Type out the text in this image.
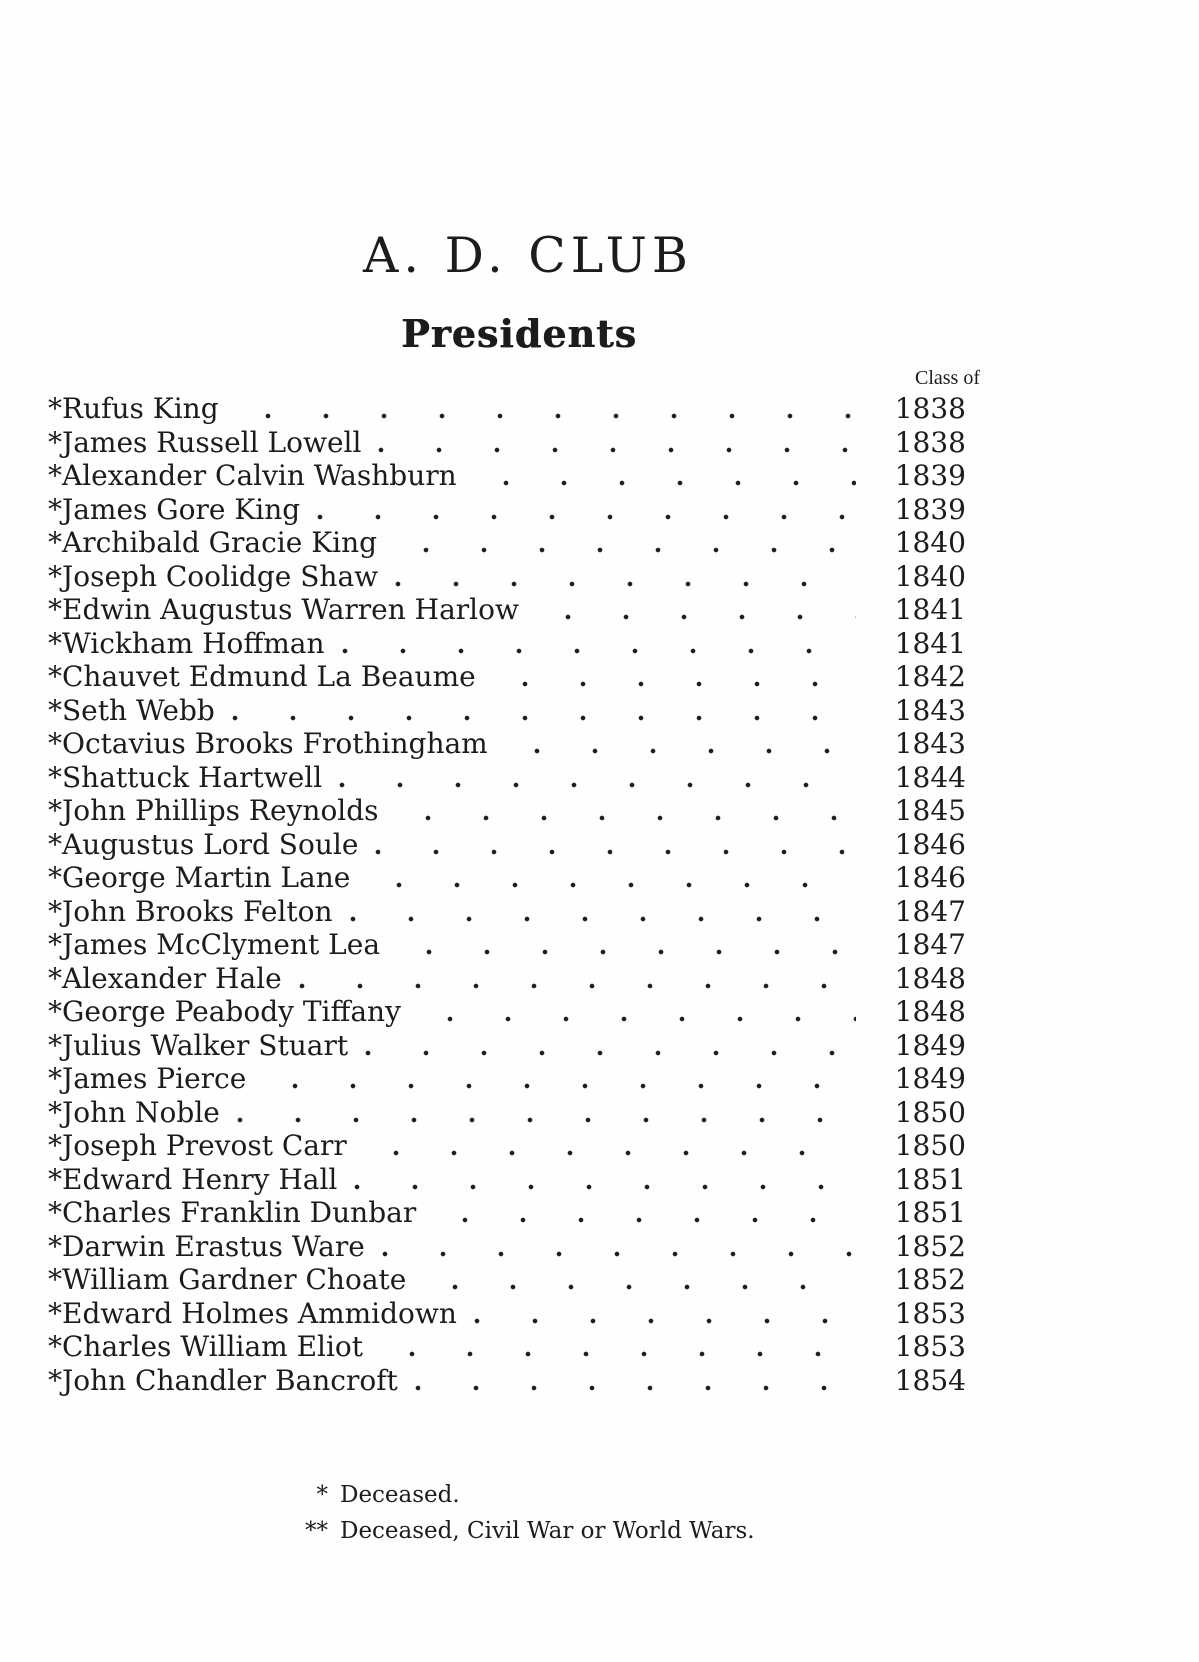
A. D. CLUB
Presidents
Class of
*Rufus King	1838
*James Russell Lowell	1838
*Alexander Calvin Washburn	1839
*James Gore King	1839
*Archibald Gracie King	1840
*Joseph Coolidge Shaw	1840
*Edwin Augustus Warren Harlow	1841
*Wickham Hoffman	1841
*Chauvet Edmund La Beaume	1842
*Seth Webb	1843
*Octavius Brooks Frothingham	1843
*Shattuck Hartwell	1844
*John Phillips Reynolds	1845
*Augustus Lord Soule	1846
*George Martin Lane	1846
*John Brooks Felton	1847
*James McClyment Lea	1847
*Alexander Hale	1848
*George Peabody Tiffany	1848
*Julius Walker Stuart	1849
*James Pierce	1849
*John Noble	1850
*Joseph Prevost Carr	1850
*Edward Henry Hall	1851
*Charles Franklin Dunbar	1851
*Darwin Erastus Ware	1852
*William Gardner Choate	1852
*Edward Holmes Ammidown	1853
*Charles William Eliot	1853
*John Chandler Bancroft	1854
* Deceased.
** Deceased, Civil War or World Wars.
